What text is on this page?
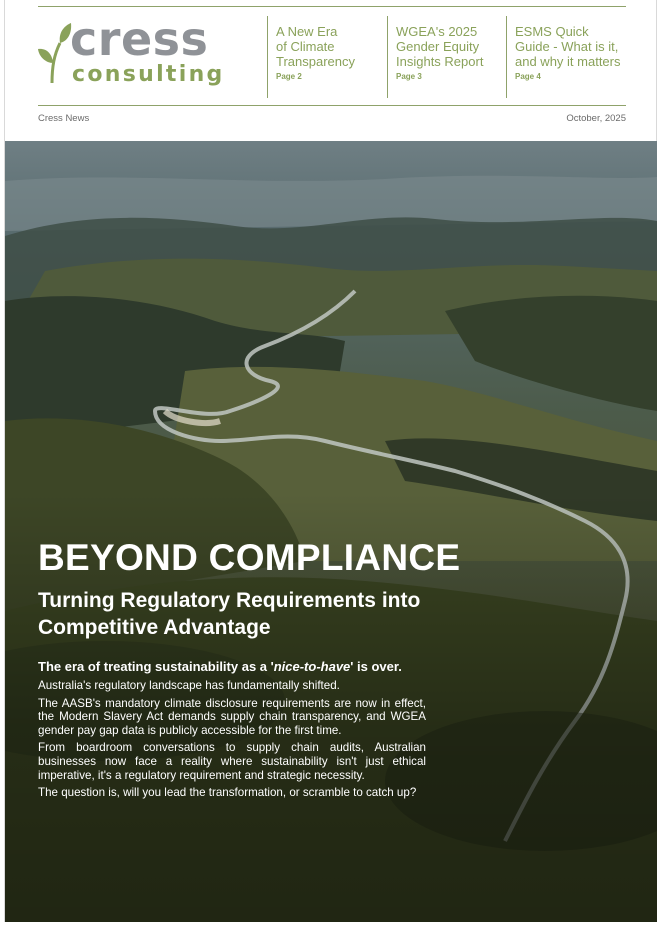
cress
consulting
A New Era
of Climate
Transparency
Page 2
WGEA's 2025
Gender Equity
Insights Report
Page 3
ESMS Quick
Guide - What is it,
and why it matters
Page 4
Cress News	October, 2025
BEYOND COMPLIANCE
Turning Regulatory Requirements into Competitive Advantage
The era of treating sustainability as a 'nice-to-have' is over.

Australia's regulatory landscape has fundamentally shifted.

The AASB's mandatory climate disclosure requirements are now in effect, the Modern Slavery Act demands supply chain transparency, and WGEA gender pay gap data is publicly accessible for the first time.

From boardroom conversations to supply chain audits, Australian businesses now face a reality where sustainability isn't just ethical imperative, it's a regulatory requirement and strategic necessity.

The question is, will you lead the transformation, or scramble to catch up?
